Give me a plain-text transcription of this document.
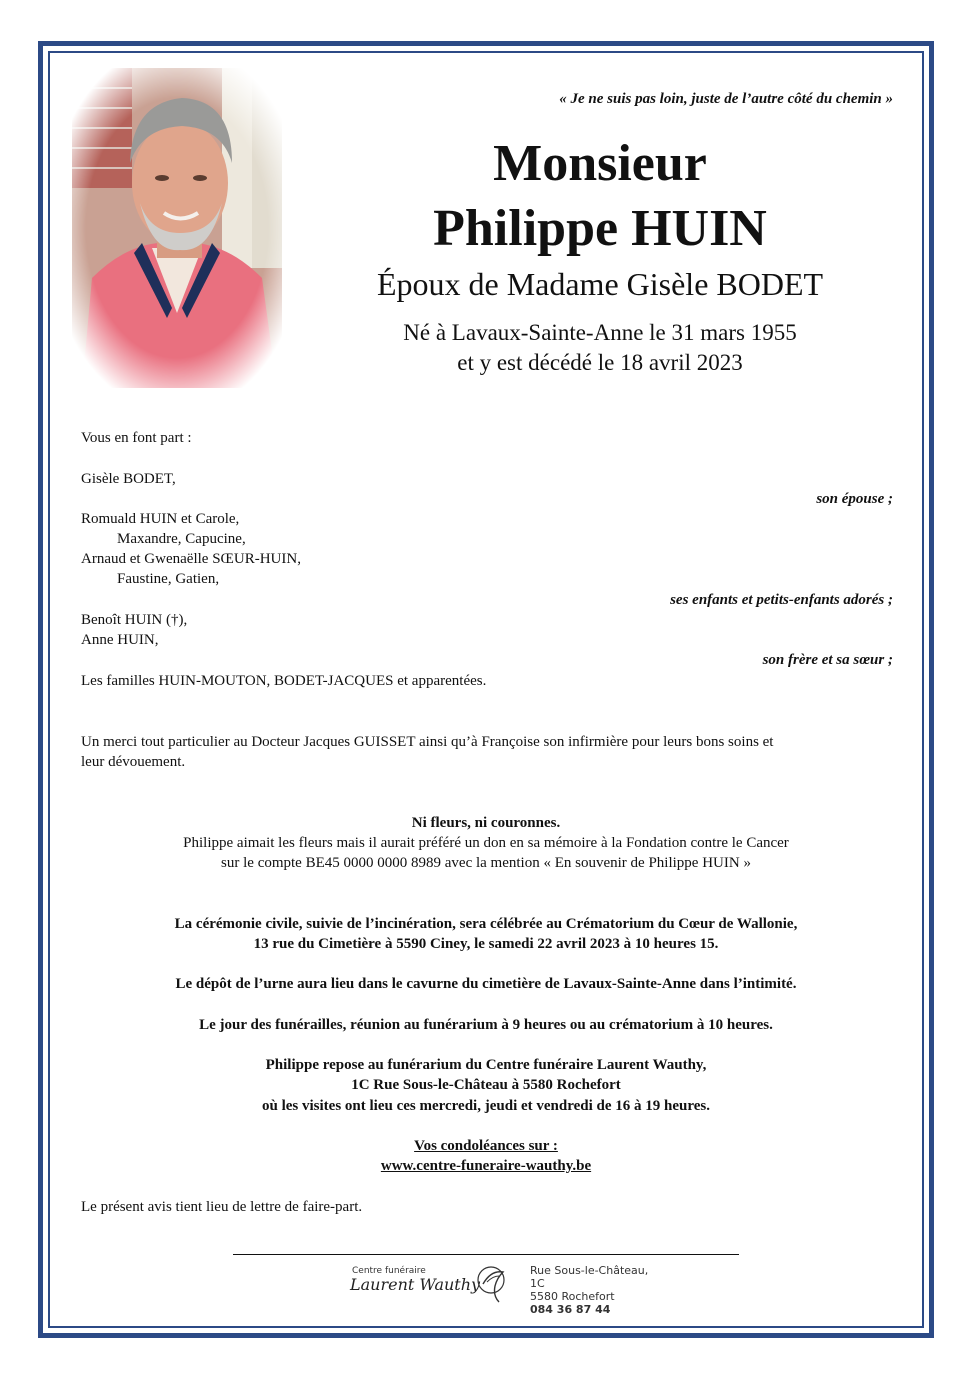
« Je ne suis pas loin, juste de l’autre côté du chemin »
Monsieur
Philippe HUIN
Époux de Madame Gisèle BODET
Né à Lavaux-Sainte-Anne le 31 mars 1955
et y est décédé le 18 avril 2023
Vous en font part :
Gisèle BODET,
son épouse ;
Romuald HUIN et Carole,
Maxandre, Capucine,
Arnaud et Gwenaëlle SŒUR-HUIN,
Faustine, Gatien,
ses enfants et petits-enfants adorés ;
Benoît HUIN (†),
Anne HUIN,
son frère et sa sœur ;
Les familles HUIN-MOUTON, BODET-JACQUES et apparentées.
Un merci tout particulier au Docteur Jacques GUISSET ainsi qu’à Françoise son infirmière pour leurs bons soins et
leur dévouement.
Ni fleurs, ni couronnes.
Philippe aimait les fleurs mais il aurait préféré un don en sa mémoire à la Fondation contre le Cancer
sur le compte BE45 0000 0000 8989 avec la mention « En souvenir de Philippe HUIN »
La cérémonie civile, suivie de l’incinération, sera célébrée au Crématorium du Cœur de Wallonie,
13 rue du Cimetière à 5590 Ciney, le samedi 22 avril 2023 à 10 heures 15.
Le dépôt de l’urne aura lieu dans le cavurne du cimetière de Lavaux-Sainte-Anne dans l’intimité.
Le jour des funérailles, réunion au funérarium à 9 heures ou au crématorium à 10 heures.
Philippe repose au funérarium du Centre funéraire Laurent Wauthy,
1C Rue Sous-le-Château à 5580 Rochefort
où les visites ont lieu ces mercredi, jeudi et vendredi de 16 à 19 heures.
Vos condoléances sur :
www.centre-funeraire-wauthy.be
Le présent avis tient lieu de lettre de faire-part.
Centre funéraire
Laurent Wauthy
Rue Sous-le-Château, 1C
5580 Rochefort
084 36 87 44
